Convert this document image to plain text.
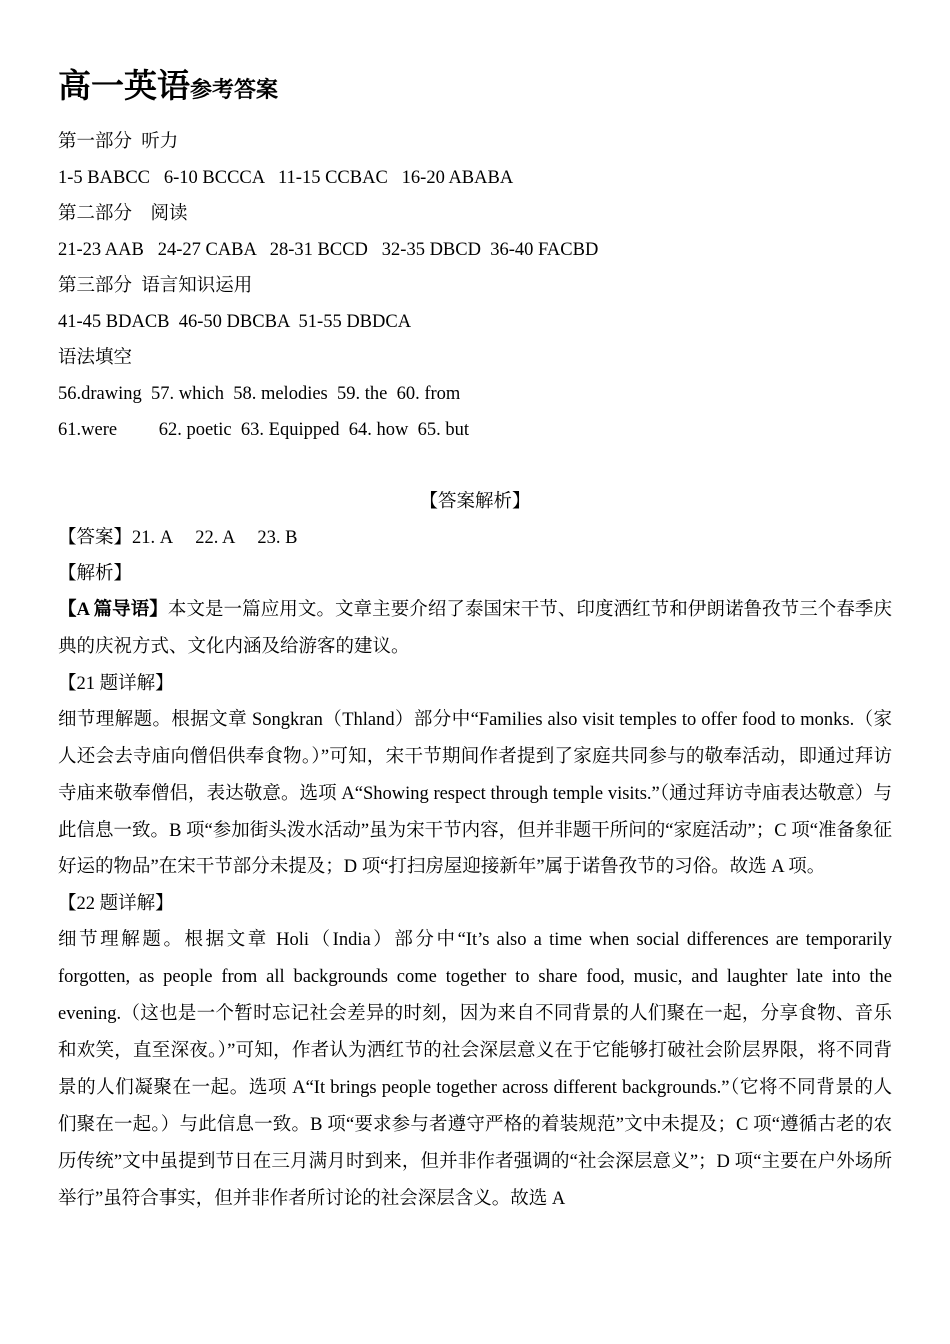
高一英语参考答案
第一部分  听力
1-5 BABCC   6-10 BCCCA   11-15 CCBAC   16-20 ABABA
第二部分    阅读
21-23 AAB   24-27 CABA   28-31 BCCD   32-35 DBCD  36-40 FACBD
第三部分  语言知识运用
41-45 BDACB  46-50 DBCBA  51-55 DBDCA
语法填空
56.drawing  57. which  58. melodies  59. the  60. from
61.were         62. poetic  63. Equipped  64. how  65. but
【答案解析】
【答案】21. A     22. A     23. B
【解析】
【A 篇导语】本文是一篇应用文。文章主要介绍了泰国宋干节、印度洒红节和伊朗诺鲁孜节三个春季庆典的庆祝方式、文化内涵及给游客的建议。
【21 题详解】
细节理解题。根据文章 Songkran（Thland）部分中“Families also visit temples to offer food to monks.（家人还会去寺庙向僧侣供奉食物。）”可知，宋干节期间作者提到了家庭共同参与的敬奉活动，即通过拜访寺庙来敬奉僧侣，表达敬意。选项 A“Showing respect through temple visits.”（通过拜访寺庙表达敬意）与此信息一致。B 项“参加街头泼水活动”虽为宋干节内容，但并非题干所问的“家庭活动”；C 项“准备象征好运的物品”在宋干节部分未提及；D 项“打扫房屋迎接新年”属于诺鲁孜节的习俗。故选 A 项。
【22 题详解】
细节理解题。根据文章 Holi（India）部分中“It’s also a time when social differences are temporarily forgotten, as people from all backgrounds come together to share food, music, and laughter late into the evening.（这也是一个暂时忘记社会差异的时刻，因为来自不同背景的人们聚在一起，分享食物、音乐和欢笑，直至深夜。）”可知，作者认为洒红节的社会深层意义在于它能够打破社会阶层界限，将不同背景的人们凝聚在一起。选项 A“It brings people together across different backgrounds.”（它将不同背景的人们聚在一起。）与此信息一致。B 项“要求参与者遵守严格的着装规范”文中未提及；C 项“遵循古老的农历传统”文中虽提到节日在三月满月时到来，但并非作者强调的“社会深层意义”；D 项“主要在户外场所举行”虽符合事实，但并非作者所讨论的社会深层含义。故选 A
